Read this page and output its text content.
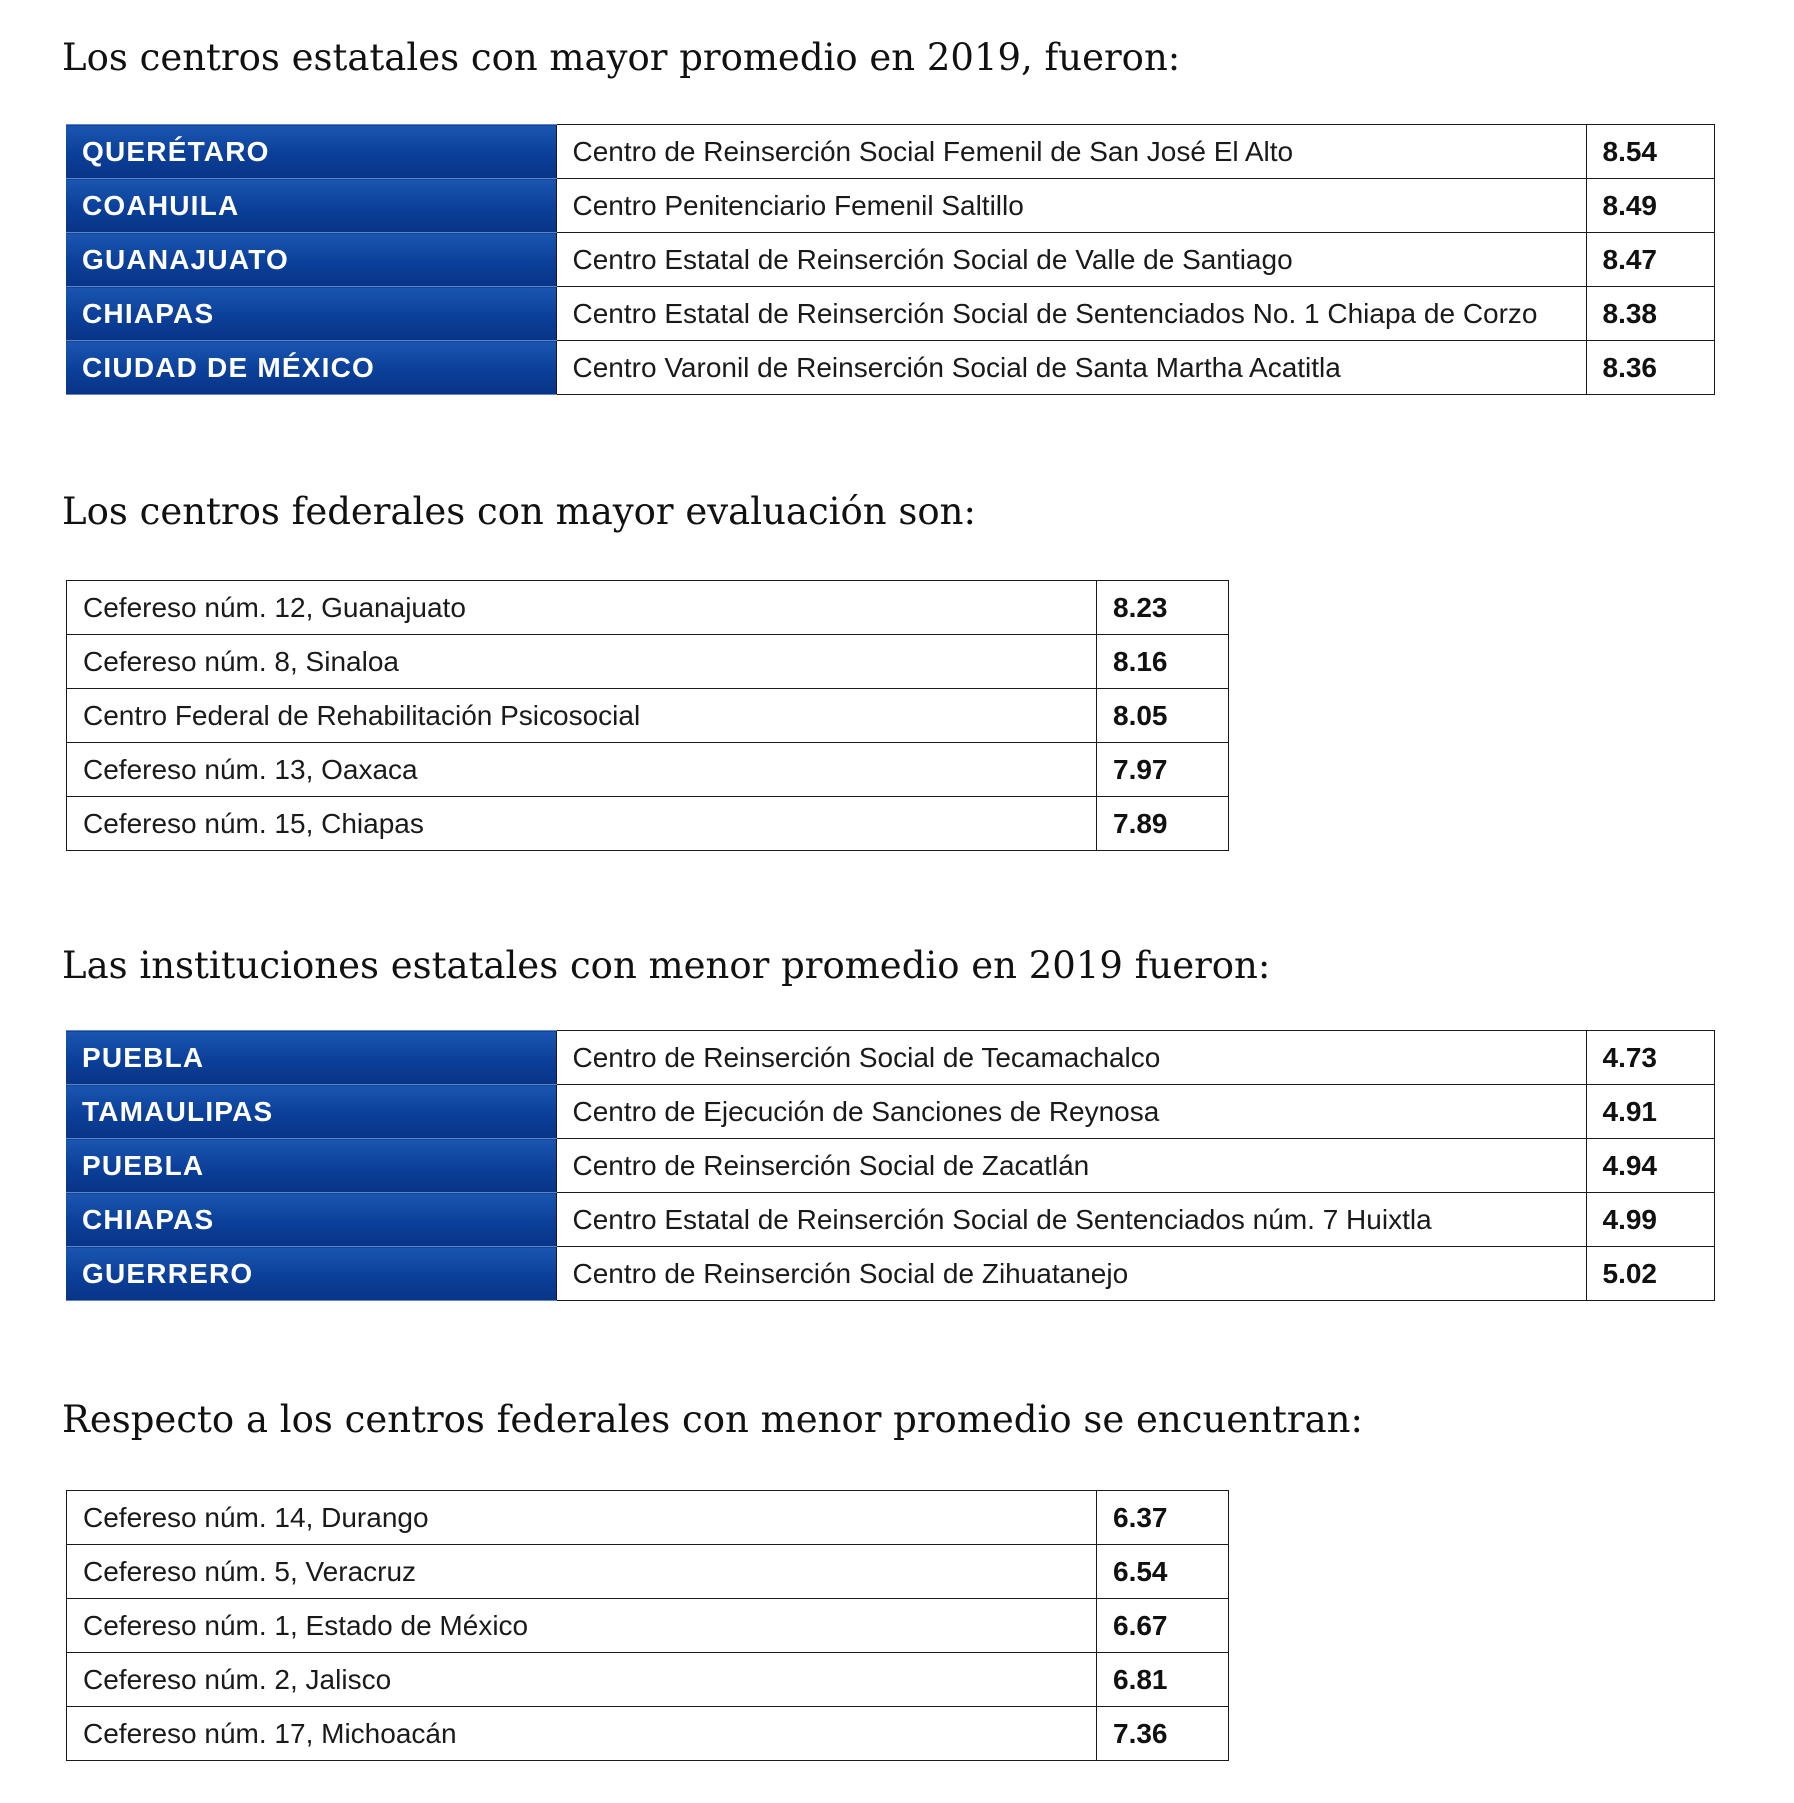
Los centros estatales con mayor promedio en 2019, fueron:
QUERÉTARO	Centro de Reinserción Social Femenil de San José El Alto	8.54
COAHUILA	Centro Penitenciario Femenil Saltillo	8.49
GUANAJUATO	Centro Estatal de Reinserción Social de Valle de Santiago	8.47
CHIAPAS	Centro Estatal de Reinserción Social de Sentenciados No. 1 Chiapa de Corzo	8.38
CIUDAD DE MÉXICO	Centro Varonil de Reinserción Social de Santa Martha Acatitla	8.36
Los centros federales con mayor evaluación son:
Cefereso núm. 12, Guanajuato	8.23
Cefereso núm. 8, Sinaloa	8.16
Centro Federal de Rehabilitación Psicosocial	8.05
Cefereso núm. 13, Oaxaca	7.97
Cefereso núm. 15, Chiapas	7.89
Las instituciones estatales con menor promedio en 2019 fueron:
PUEBLA	Centro de Reinserción Social de Tecamachalco	4.73
TAMAULIPAS	Centro de Ejecución de Sanciones de Reynosa	4.91
PUEBLA	Centro de Reinserción Social de Zacatlán	4.94
CHIAPAS	Centro Estatal de Reinserción Social de Sentenciados núm. 7 Huixtla	4.99
GUERRERO	Centro de Reinserción Social de Zihuatanejo	5.02
Respecto a los centros federales con menor promedio se encuentran:
Cefereso núm. 14, Durango	6.37
Cefereso núm. 5, Veracruz	6.54
Cefereso núm. 1, Estado de México	6.67
Cefereso núm. 2, Jalisco	6.81
Cefereso núm. 17, Michoacán	7.36
